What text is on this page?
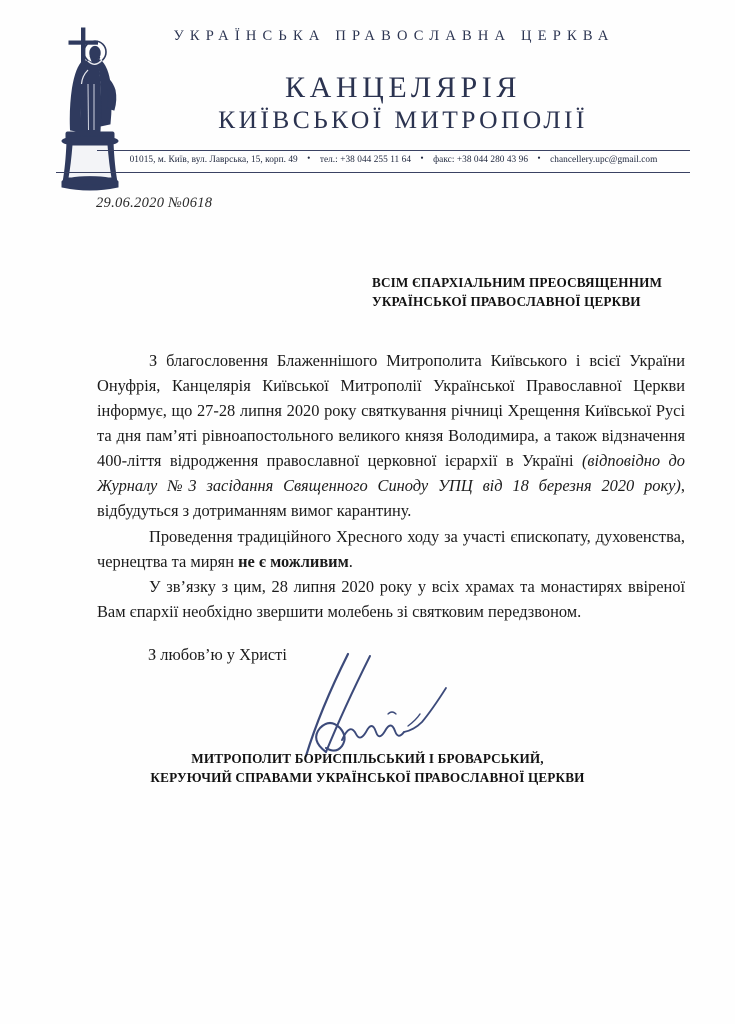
УКРАЇНСЬКА ПРАВОСЛАВНА ЦЕРКВА
КАНЦЕЛЯРІЯ
КИЇВСЬКОЇ МИТРОПОЛІЇ
01015, м. Київ, вул. Лаврська, 15, корп. 49 • тел.: +38 044 255 11 64 • факс: +38 044 280 43 96 • chancellery.upc@gmail.com
29.06.2020 №0618
ВСІМ ЄПАРХІАЛЬНИМ ПРЕОСВЯЩЕННИМ
УКРАЇНСЬКОЇ ПРАВОСЛАВНОЇ ЦЕРКВИ

З благословення Блаженнішого Митрополита Київського і всієї України Онуфрія, Канцелярія Київської Митрополії Української Православної Церкви інформує, що 27-28 липня 2020 року святкування річниці Хрещення Київської Русі та дня пам’яті рівноапостольного великого князя Володимира, а також відзначення 400-ліття відродження православної церковної ієрархії в Україні (відповідно до Журналу №3 засідання Священного Синоду УПЦ від 18 березня 2020 року), відбудуться з дотриманням вимог карантину.

Проведення традиційного Хресного ходу за участі єпископату, духовенства, чернецтва та мирян не є можливим.

У зв’язку з цим, 28 липня 2020 року у всіх храмах та монастирях ввіреної Вам єпархії необхідно звершити молебень зі святковим передзвоном.

З любов’ю у Христі
МИТРОПОЛИТ БОРИСПІЛЬСЬКИЙ І БРОВАРСЬКИЙ,
КЕРУЮЧИЙ СПРАВАМИ УКРАЇНСЬКОЇ ПРАВОСЛАВНОЇ ЦЕРКВИ
